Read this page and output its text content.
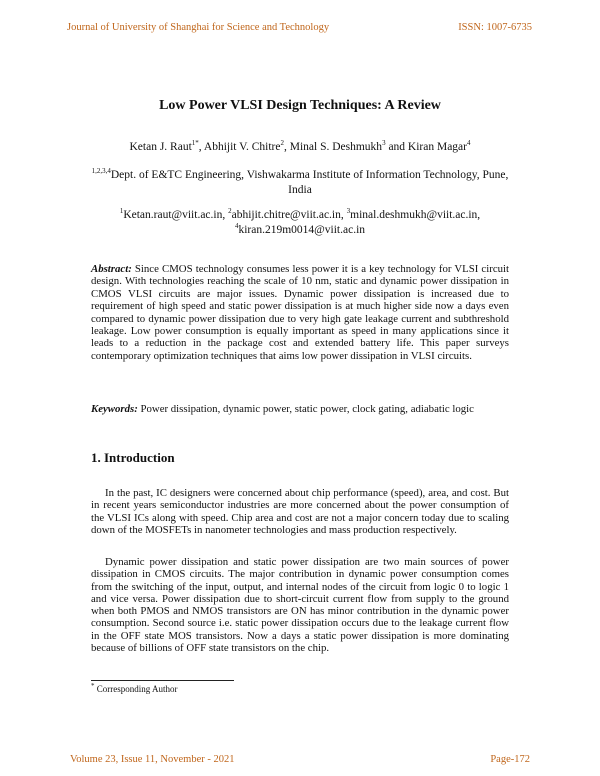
Journal of University of Shanghai for Science and Technology	ISSN: 1007-6735
Low Power VLSI Design Techniques: A Review
Ketan J. Raut$^{1*}$, Abhijit V. Chitre$^2$, Minal S. Deshmukh$^3$ and Kiran Magar$^4$
$^{1,2,3,4}$Dept. of E&TC Engineering, Vishwakarma Institute of Information Technology, Pune, India
$^1$Ketan.raut@viit.ac.in, $^2$abhijit.chitre@viit.ac.in, $^3$minal.deshmukh@viit.ac.in,
$^4$kiran.219m0014@viit.ac.in
Abstract: Since CMOS technology consumes less power it is a key technology for VLSI circuit design. With technologies reaching the scale of 10 nm, static and dynamic power dissipation in CMOS VLSI circuits are major issues. Dynamic power dissipation is increased due to requirement of high speed and static power dissipation is at much higher side now a days even compared to dynamic power dissipation due to very high gate leakage current and subthreshold leakage. Low power consumption is equally important as speed in many applications since it leads to a reduction in the package cost and extended battery life. This paper surveys contemporary optimization techniques that aims low power dissipation in VLSI circuits.
Keywords: Power dissipation, dynamic power, static power, clock gating, adiabatic logic
1. Introduction

In the past, IC designers were concerned about chip performance (speed), area, and cost. But in recent years semiconductor industries are more concerned about the power consumption of the VLSI ICs along with speed. Chip area and cost are not a major concern today due to scaling down of the MOSFETs in nanometer technologies and mass production respectively.

Dynamic power dissipation and static power dissipation are two main sources of power dissipation in CMOS circuits. The major contribution in dynamic power consumption comes from the switching of the input, output, and internal nodes of the circuit from logic 0 to logic 1 and vice versa. Power dissipation due to short-circuit current flow from supply to the ground when both PMOS and NMOS transistors are ON has minor contribution in the dynamic power consumption. Second source i.e. static power dissipation occurs due to the leakage current flow in the OFF state MOS transistors. Now a days a static power dissipation is more dominating because of billions of OFF state transistors on the chip.

* Corresponding Author
Volume 23, Issue 11, November - 2021	Page-172
